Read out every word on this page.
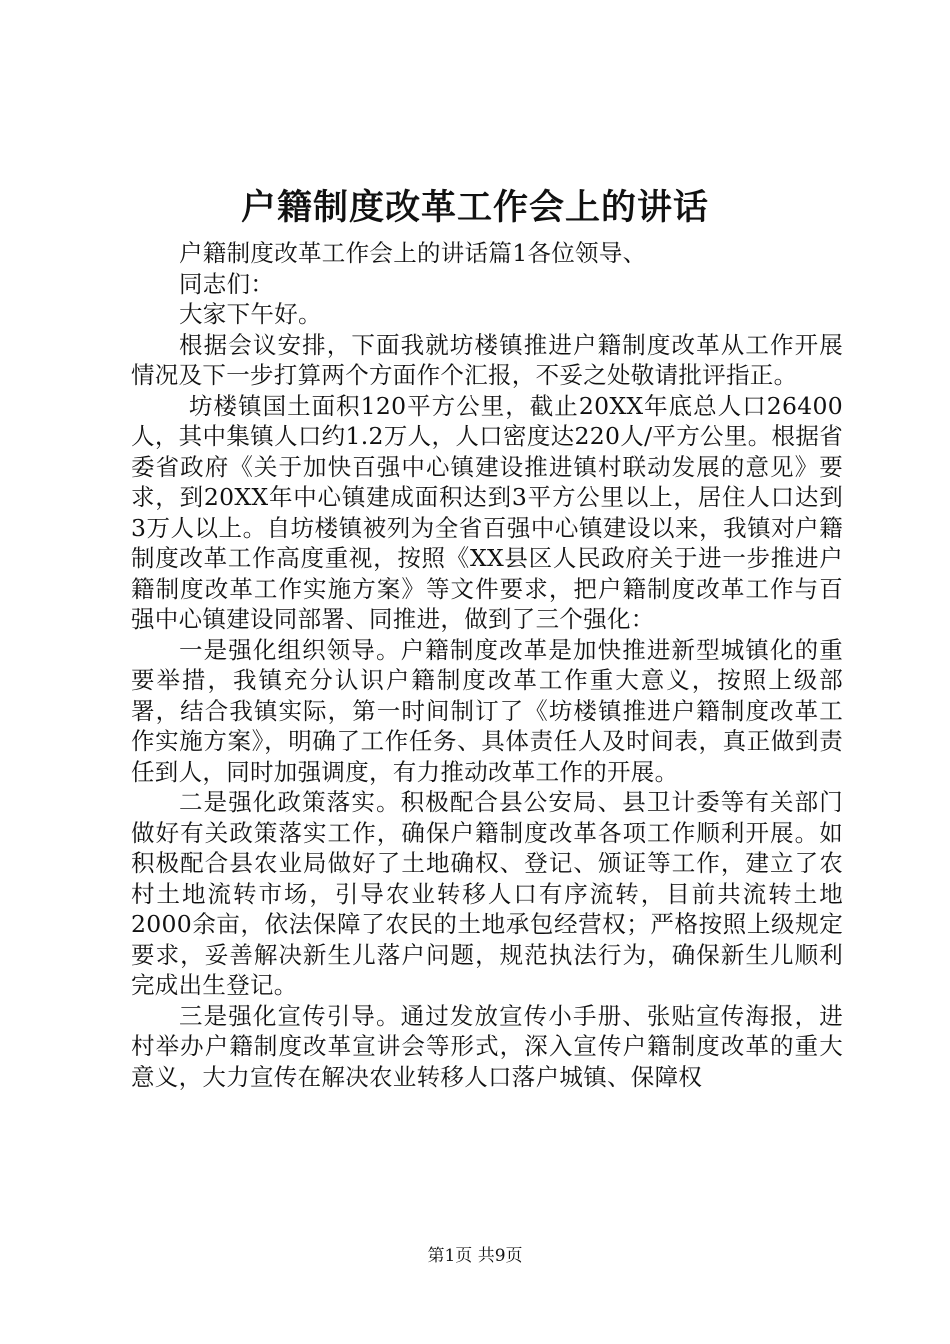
户籍制度改革工作会上的讲话

户籍制度改革工作会上的讲话篇1各位领导、

同志们：

大家下午好。

根据会议安排，下面我就坊楼镇推进户籍制度改革从工作开展情况及下一步打算两个方面作个汇报，不妥之处敬请批评指正。

坊楼镇国土面积120平方公里，截止20XX年底总人口26400人，其中集镇人口约1.2万人，人口密度达220人/平方公里。根据省委省政府《关于加快百强中心镇建设推进镇村联动发展的意见》要求，到20XX年中心镇建成面积达到3平方公里以上，居住人口达到3万人以上。自坊楼镇被列为全省百强中心镇建设以来，我镇对户籍制度改革工作高度重视，按照《XX县区人民政府关于进一步推进户籍制度改革工作实施方案》等文件要求，把户籍制度改革工作与百强中心镇建设同部署、同推进，做到了三个强化：

一是强化组织领导。户籍制度改革是加快推进新型城镇化的重要举措，我镇充分认识户籍制度改革工作重大意义，按照上级部署，结合我镇实际，第一时间制订了《坊楼镇推进户籍制度改革工作实施方案》，明确了工作任务、具体责任人及时间表，真正做到责任到人，同时加强调度，有力推动改革工作的开展。

二是强化政策落实。积极配合县公安局、县卫计委等有关部门做好有关政策落实工作，确保户籍制度改革各项工作顺利开展。如积极配合县农业局做好了土地确权、登记、颁证等工作，建立了农村土地流转市场，引导农业转移人口有序流转，目前共流转土地2000余亩，依法保障了农民的土地承包经营权；严格按照上级规定要求，妥善解决新生儿落户问题，规范执法行为，确保新生儿顺利完成出生登记。

三是强化宣传引导。通过发放宣传小手册、张贴宣传海报，进村举办户籍制度改革宣讲会等形式，深入宣传户籍制度改革的重大意义，大力宣传在解决农业转移人口落户城镇、保障权

第1页 共9页
